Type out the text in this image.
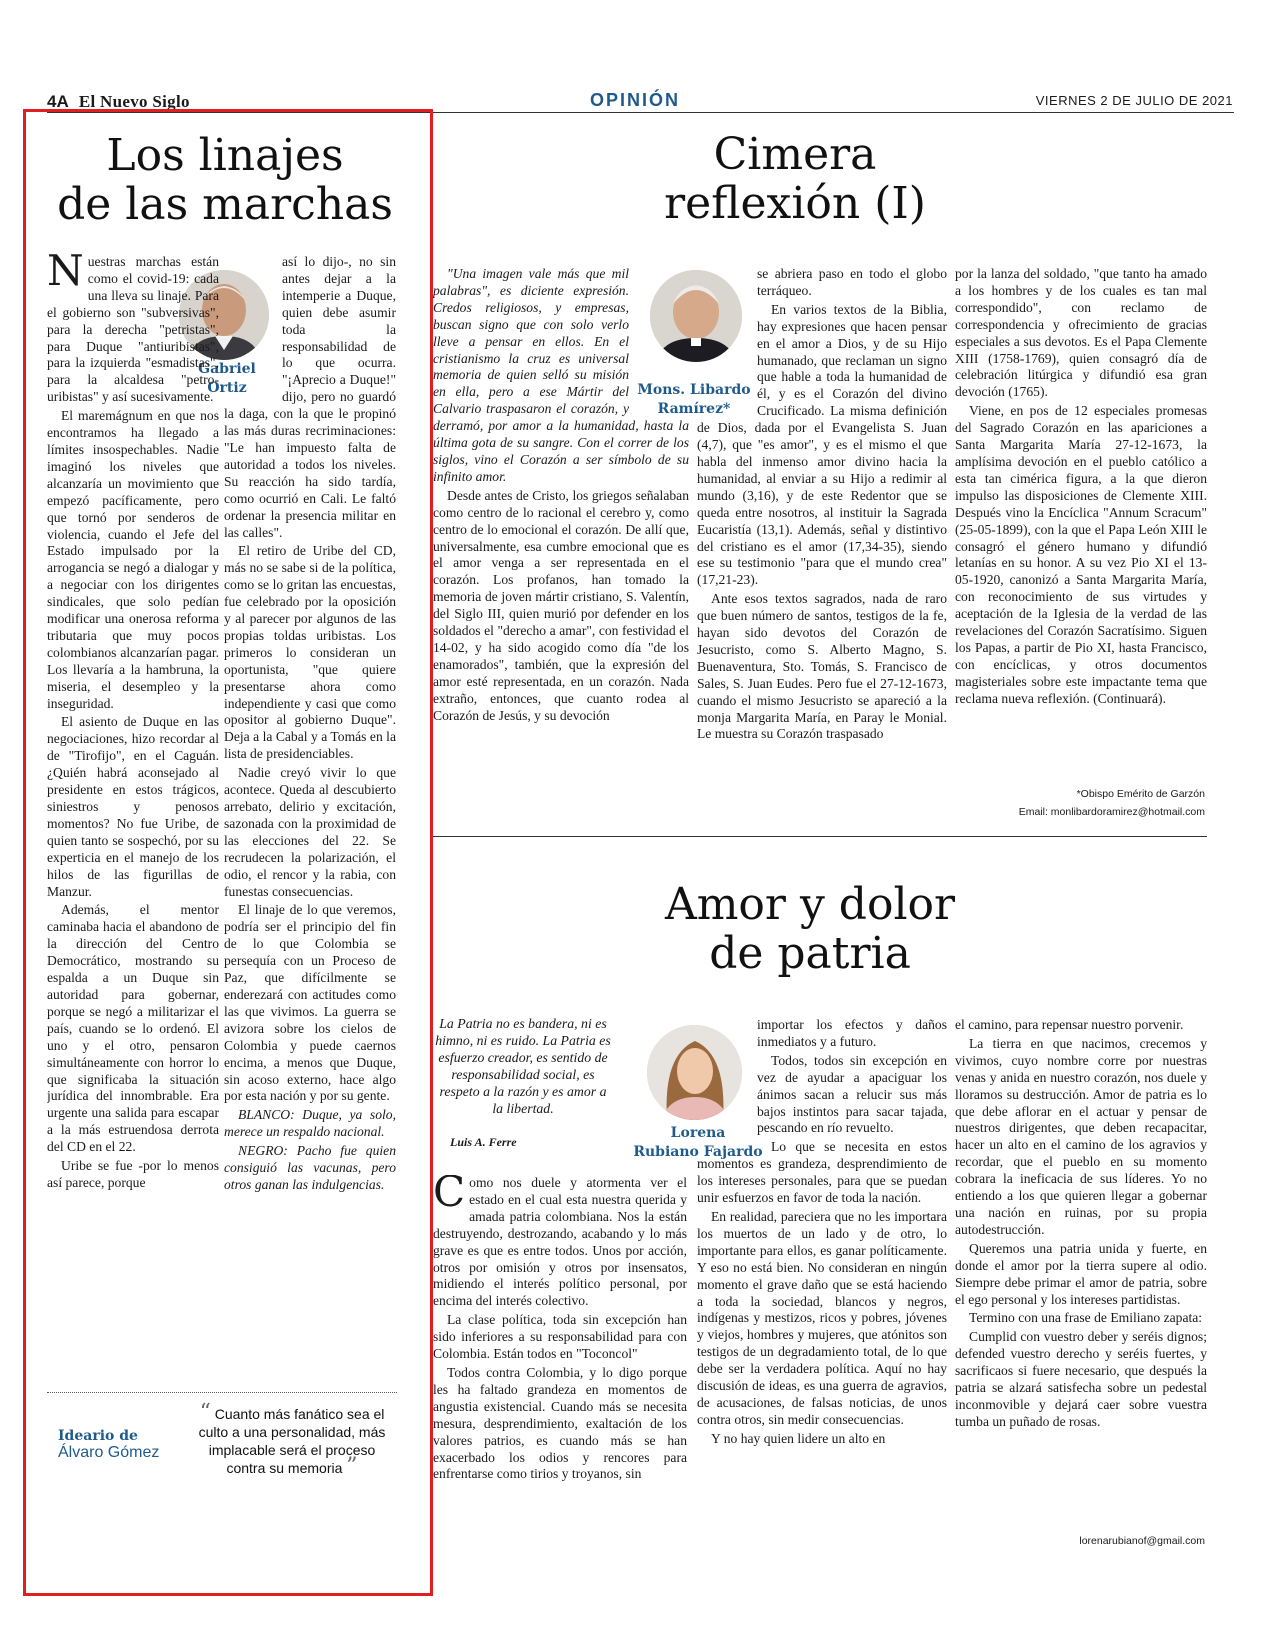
4A El Nuevo Siglo	OPINIÓN	VIERNES 2 DE JULIO DE 2021
Los linajes
de las marchas
Gabriel
Ortiz

Nuestras marchas están como el covid-19: cada una lleva su linaje. Para el gobierno son "subversivas", para la derecha "petristas", para Duque "antiuribistas", para la izquierda "esmadistas", para la alcaldesa "petro-uribistas" y así sucesivamente.

El maremágnum en que nos encontramos ha llegado a límites insospechables. Nadie imaginó los niveles que alcanzaría un movimiento que empezó pacíficamente, pero que tornó por senderos de violencia, cuando el Jefe del Estado impulsado por la arrogancia se negó a dialogar y a negociar con los dirigentes sindicales, que solo pedían modificar una onerosa reforma tributaria que muy pocos colombianos alcanzarían pagar. Los llevaría a la hambruna, la miseria, el desempleo y la inseguridad.

El asiento de Duque en las negociaciones, hizo recordar al de "Tirofijo", en el Caguán. ¿Quién habrá aconsejado al presidente en estos trágicos, siniestros y penosos momentos? No fue Uribe, de quien tanto se sospechó, por su experticia en el manejo de los hilos de las figurillas de Manzur.

Además, el mentor caminaba hacia el abandono de la dirección del Centro Democrático, mostrando su espalda a un Duque sin autoridad para gobernar, porque se negó a militarizar el país, cuando se lo ordenó. El uno y el otro, pensaron simultáneamente con horror lo que significaba la situación jurídica del innombrable. Era urgente una salida para escapar a la más estruendosa derrota del CD en el 22.

Uribe se fue -por lo menos así parece, porque

así lo dijo-, no sin antes dejar a la intemperie a Duque, quien debe asumir toda la responsabilidad de lo que ocurra. "¡Aprecio a Duque!" dijo, pero no guardó la daga, con la que le propinó las más duras recriminaciones: "Le han impuesto falta de autoridad a todos los niveles. Su reacción ha sido tardía, como ocurrió en Cali. Le faltó ordenar la presencia militar en las calles".

El retiro de Uribe del CD, más no se sabe si de la política, como se lo gritan las encuestas, fue celebrado por la oposición y al parecer por algunos de las propias toldas uribistas. Los primeros lo consideran un oportunista, "que quiere presentarse ahora como independiente y casi que como opositor al gobierno Duque". Deja a la Cabal y a Tomás en la lista de presidenciables.

Nadie creyó vivir lo que acontece. Queda al descubierto arrebato, delirio y excitación, sazonada con la proximidad de las elecciones del 22. Se recrudecen la polarización, el odio, el rencor y la rabia, con funestas consecuencias.

El linaje de lo que veremos, podría ser el principio del fin de lo que Colombia se persequía con un Proceso de Paz, que difícilmente se enderezará con actitudes como las que vivimos. La guerra se avizora sobre los cielos de Colombia y puede caernos encima, a menos que Duque, sin acoso externo, hace algo por esta nación y por su gente.

BLANCO: Duque, ya solo, merece un respaldo nacional.

NEGRO: Pacho fue quien consiguió las vacunas, pero otros ganan las indulgencias.

Ideario de
Álvaro Gómez
“ Cuanto más fanático sea el culto a una personalidad, más implacable será el proceso contra su memoria ”
Cimera
reflexión (I)
Mons. Libardo
Ramírez*

"Una imagen vale más que mil palabras", es diciente expresión. Credos religiosos, y empresas, buscan signo que con solo verlo lleve a pensar en ellos. En el cristianismo la cruz es universal memoria de quien selló su misión en ella, pero a ese Mártir del Calvario traspasaron el corazón, y derramó, por amor a la humanidad, hasta la última gota de su sangre. Con el correr de los siglos, vino el Corazón a ser símbolo de su infinito amor.

Desde antes de Cristo, los griegos señalaban como centro de lo racional el cerebro y, como centro de lo emocional el corazón. De allí que, universalmente, esa cumbre emocional que es el amor venga a ser representada en el corazón. Los profanos, han tomado la memoria de joven mártir cristiano, S. Valentín, del Siglo III, quien murió por defender en los soldados el "derecho a amar", con festividad el 14-02, y ha sido acogido como día "de los enamorados", también, que la expresión del amor esté representada, en un corazón. Nada extraño, entonces, que cuanto rodea al Corazón de Jesús, y su devoción

se abriera paso en todo el globo terráqueo.

En varios textos de la Biblia, hay expresiones que hacen pensar en el amor a Dios, y de su Hijo humanado, que reclaman un signo que hable a toda la humanidad de él, y es el Corazón del divino Crucificado. La misma definición de Dios, dada por el Evangelista S. Juan (4,7), que "es amor", y es el mismo el que habla del inmenso amor divino hacia la humanidad, al enviar a su Hijo a redimir al mundo (3,16), y de este Redentor que se queda entre nosotros, al instituir la Sagrada Eucaristía (13,1). Además, señal y distintivo del cristiano es el amor (17,34-35), siendo ese su testimonio "para que el mundo crea" (17,21-23).

Ante esos textos sagrados, nada de raro que buen número de santos, testigos de la fe, hayan sido devotos del Corazón de Jesucristo, como S. Alberto Magno, S. Buenaventura, Sto. Tomás, S. Francisco de Sales, S. Juan Eudes. Pero fue el 27-12-1673, cuando el mismo Jesucristo se apareció a la monja Margarita María, en Paray le Monial. Le muestra su Corazón traspasado

por la lanza del soldado, "que tanto ha amado a los hombres y de los cuales es tan mal correspondido", con reclamo de correspondencia y ofrecimiento de gracias especiales a sus devotos. Es el Papa Clemente XIII (1758-1769), quien consagró día de celebración litúrgica y difundió esa gran devoción (1765).

Viene, en pos de 12 especiales promesas del Sagrado Corazón en las apariciones a Santa Margarita María 27-12-1673, la amplísima devoción en el pueblo católico a esta tan cimérica figura, a la que dieron impulso las disposiciones de Clemente XIII. Después vino la Encíclica "Annum Scracum" (25-05-1899), con la que el Papa León XIII le consagró el género humano y difundió letanías en su honor. A su vez Pio XI el 13-05-1920, canonizó a Santa Margarita María, con reconocimiento de sus virtudes y aceptación de la Iglesia de la verdad de las revelaciones del Corazón Sacratísimo. Siguen los Papas, a partir de Pio XI, hasta Francisco, con encíclicas, y otros documentos magisteriales sobre este impactante tema que reclama nueva reflexión. (Continuará).

*Obispo Emérito de Garzón
Email: monlibardoramirez@hotmail.com
Amor y dolor
de patria
La Patria no es bandera, ni es himno, ni es ruido. La Patria es esfuerzo creador, es sentido de responsabilidad social, es respeto a la razón y es amor a la libertad.
Luis A. Ferre
Lorena
Rubiano Fajardo

Como nos duele y atormenta ver el estado en el cual esta nuestra querida y amada patria colombiana. Nos la están destruyendo, destrozando, acabando y lo más grave es que es entre todos. Unos por acción, otros por omisión y otros por insensatos, midiendo el interés político personal, por encima del interés colectivo.

La clase política, toda sin excepción han sido inferiores a su responsabilidad para con Colombia. Están todos en "Toconcol"

Todos contra Colombia, y lo digo porque les ha faltado grandeza en momentos de angustia existencial. Cuando más se necesita mesura, desprendimiento, exaltación de los valores patrios, es cuando más se han exacerbado los odios y rencores para enfrentarse como tirios y troyanos, sin

importar los efectos y daños inmediatos y a futuro.

Todos, todos sin excepción en vez de ayudar a apaciguar los ánimos sacan a relucir sus más bajos instintos para sacar tajada, pescando en río revuelto.

Lo que se necesita en estos momentos es grandeza, desprendimiento de los intereses personales, para que se puedan unir esfuerzos en favor de toda la nación.

En realidad, pareciera que no les importara los muertos de un lado y de otro, lo importante para ellos, es ganar políticamente. Y eso no está bien. No consideran en ningún momento el grave daño que se está haciendo a toda la sociedad, blancos y negros, indígenas y mestizos, ricos y pobres, jóvenes y viejos, hombres y mujeres, que atónitos son testigos de un degradamiento total, de lo que debe ser la verdadera política. Aquí no hay discusión de ideas, es una guerra de agravios, de acusaciones, de falsas noticias, de unos contra otros, sin medir consecuencias.

Y no hay quien lidere un alto en

el camino, para repensar nuestro porvenir.

La tierra en que nacimos, crecemos y vivimos, cuyo nombre corre por nuestras venas y anida en nuestro corazón, nos duele y lloramos su destrucción. Amor de patria es lo que debe aflorar en el actuar y pensar de nuestros dirigentes, que deben recapacitar, hacer un alto en el camino de los agravios y recordar, que el pueblo en su momento cobrara la ineficacia de sus líderes. Yo no entiendo a los que quieren llegar a gobernar una nación en ruinas, por su propia autodestrucción.

Queremos una patria unida y fuerte, en donde el amor por la tierra supere al odio. Siempre debe primar el amor de patria, sobre el ego personal y los intereses partidistas.

Termino con una frase de Emiliano zapata:

Cumplid con vuestro deber y seréis dignos; defended vuestro derecho y seréis fuertes, y sacrificaos si fuere necesario, que después la patria se alzará satisfecha sobre un pedestal inconmovible y dejará caer sobre vuestra tumba un puñado de rosas.

lorenarubianof@gmail.com
